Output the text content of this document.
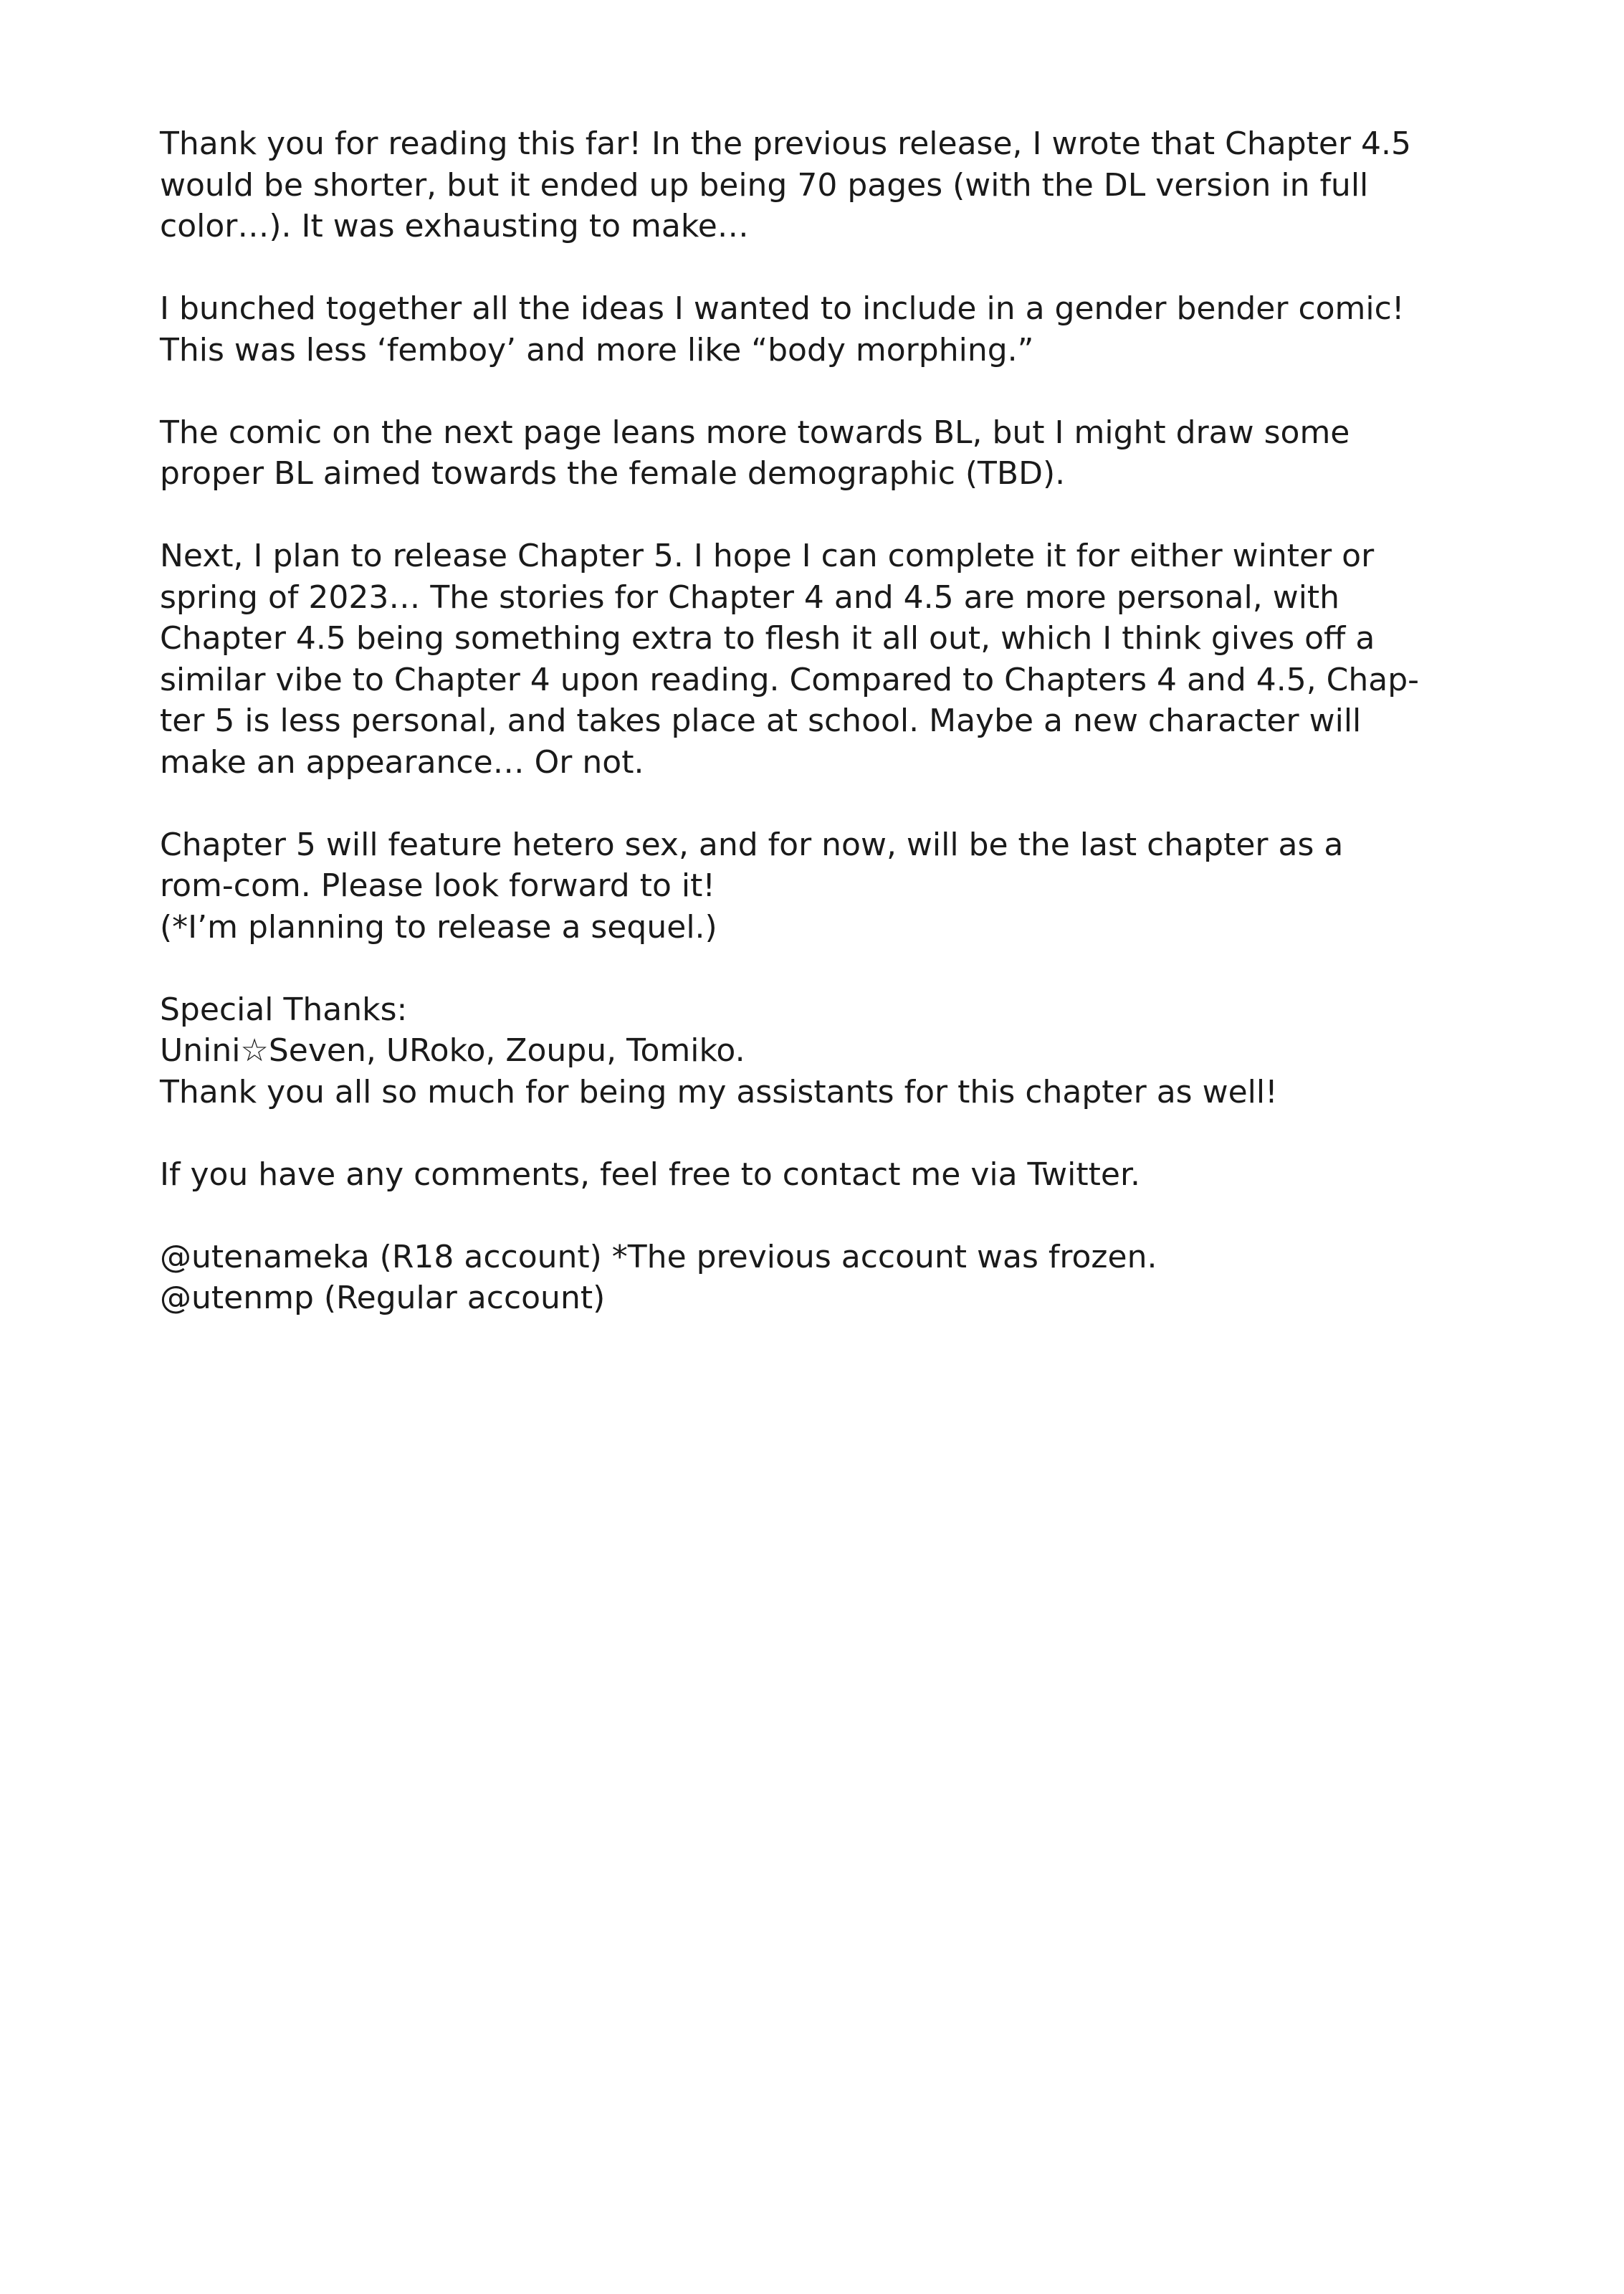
Thank you for reading this far! In the previous release, I wrote that Chapter 4.5
would be shorter, but it ended up being 70 pages (with the DL version in full
color…). It was exhausting to make…

I bunched together all the ideas I wanted to include in a gender bender comic!
This was less ‘femboy’ and more like “body morphing.”

The comic on the next page leans more towards BL, but I might draw some
proper BL aimed towards the female demographic (TBD).

Next, I plan to release Chapter 5. I hope I can complete it for either winter or
spring of 2023… The stories for Chapter 4 and 4.5 are more personal, with
Chapter 4.5 being something extra to flesh it all out, which I think gives off a
similar vibe to Chapter 4 upon reading. Compared to Chapters 4 and 4.5, Chap-
ter 5 is less personal, and takes place at school. Maybe a new character will
make an appearance… Or not.

Chapter 5 will feature hetero sex, and for now, will be the last chapter as a
rom-com. Please look forward to it!
(*I’m planning to release a sequel.)

Special Thanks:
Unini☆Seven, URoko, Zoupu, Tomiko.
Thank you all so much for being my assistants for this chapter as well!

If you have any comments, feel free to contact me via Twitter.

@utenameka (R18 account) *The previous account was frozen.
@utenmp (Regular account)
